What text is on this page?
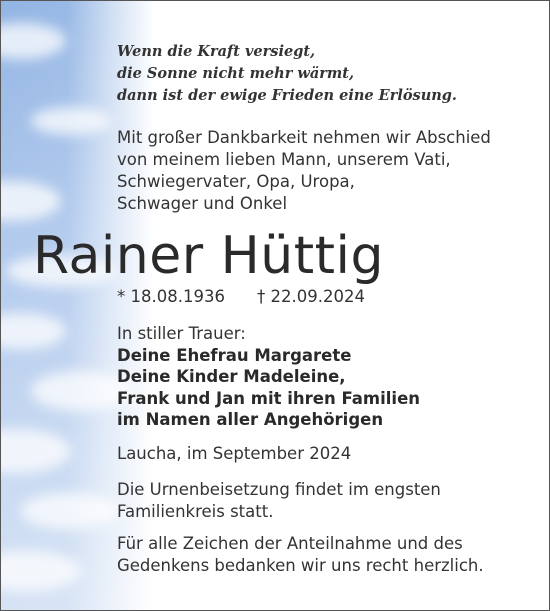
Wenn die Kraft versiegt,
die Sonne nicht mehr wärmt,
dann ist der ewige Frieden eine Erlösung.
Mit großer Dankbarkeit nehmen wir Abschied
von meinem lieben Mann, unserem Vati,
Schwiegervater, Opa, Uropa,
Schwager und Onkel
Rainer Hüttig
* 18.08.1936 † 22.09.2024
In stiller Trauer:
Deine Ehefrau Margarete
Deine Kinder Madeleine,
Frank und Jan mit ihren Familien
im Namen aller Angehörigen
Laucha, im September 2024
Die Urnenbeisetzung findet im engsten
Familienkreis statt.
Für alle Zeichen der Anteilnahme und des
Gedenkens bedanken wir uns recht herzlich.
